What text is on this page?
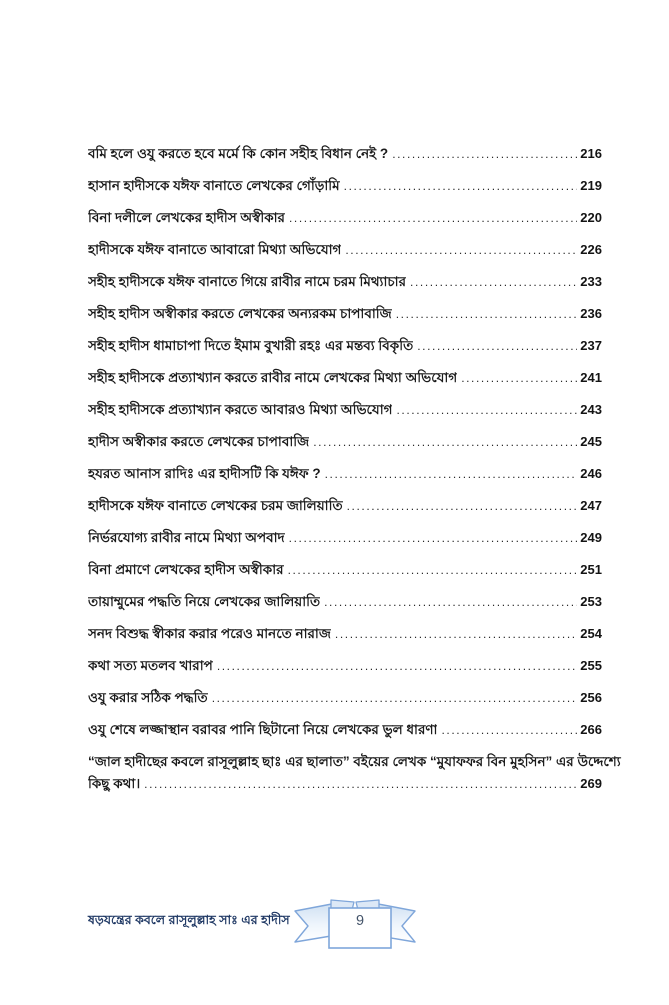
বমি হলে ওযু করতে হবে মর্মে কি কোন সহীহ বিধান নেই ? .....	216
হাসান হাদীসকে যঈফ বানাতে লেখকের গোঁড়ামি .....	219
বিনা দলীলে লেখকের হাদীস অস্বীকার .....	220
হাদীসকে যঈফ বানাতে আবারো মিথ্যা অভিযোগ .....	226
সহীহ হাদীসকে যঈফ বানাতে গিয়ে রাবীর নামে চরম মিথ্যাচার .....	233
সহীহ হাদীস অস্বীকার করতে লেখকের অন্যরকম চাপাবাজি .....	236
সহীহ হাদীস ধামাচাপা দিতে ইমাম বুখারী রহঃ এর মন্তব্য বিকৃতি .....	237
সহীহ হাদীসকে প্রত্যাখ্যান করতে রাবীর নামে লেখকের মিথ্যা অভিযোগ .....	241
সহীহ হাদীসকে প্রত্যাখ্যান করতে আবারও মিথ্যা অভিযোগ .....	243
হাদীস অস্বীকার করতে লেখকের চাপাবাজি .....	245
হযরত আনাস রাদিঃ এর হাদীসটি কি যঈফ ? .....	246
হাদীসকে যঈফ বানাতে লেখকের চরম জালিয়াতি .....	247
নির্ভরযোগ্য রাবীর নামে মিথ্যা অপবাদ .....	249
বিনা প্রমাণে লেখকের হাদীস অস্বীকার .....	251
তায়াম্মুমের পদ্ধতি নিয়ে লেখকের জালিয়াতি .....	253
সনদ বিশুদ্ধ স্বীকার করার পরেও মানতে নারাজ .....	254
কথা সত্য মতলব খারাপ .....	255
ওযু করার সঠিক পদ্ধতি .....	256
ওযু শেষে লজ্জাস্থান বরাবর পানি ছিটানো নিয়ে লেখকের ভুল ধারণা .....	266
“জাল হাদীছের কবলে রাসূলুল্লাহ ছাঃ এর ছালাত” বইয়ের লেখক “মুযাফফর বিন মুহসিন” এর উদ্দেশ্যে
কিছু কথা। .....	269
ষড়যন্ত্রের কবলে রাসূলুল্লাহ সাঃ এর হাদীস	9
